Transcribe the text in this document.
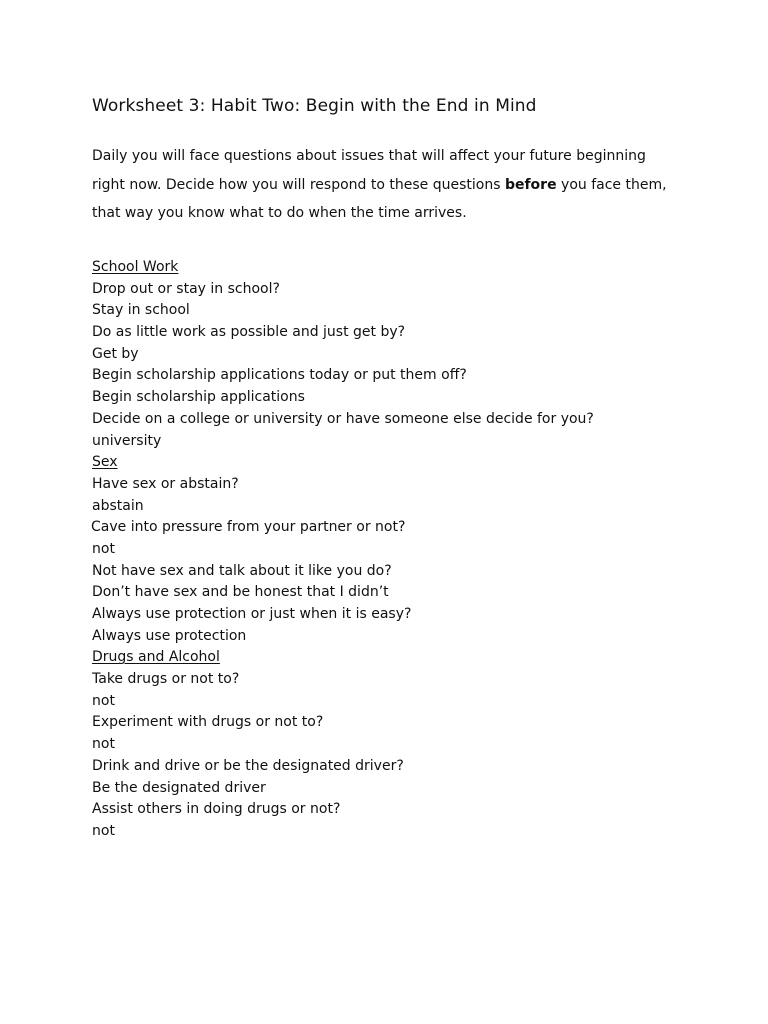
Worksheet 3: Habit Two: Begin with the End in Mind
Daily you will face questions about issues that will affect your future beginning
right now. Decide how you will respond to these questions before you face them,
that way you know what to do when the time arrives.
School Work
Drop out or stay in school?
Stay in school
Do as little work as possible and just get by?
Get by
Begin scholarship applications today or put them off?
Begin scholarship applications
Decide on a college or university or have someone else decide for you?
university
Sex
Have sex or abstain?
abstain
Cave into pressure from your partner or not?
not
Not have sex and talk about it like you do?
Don’t have sex and be honest that I didn’t
Always use protection or just when it is easy?
Always use protection
Drugs and Alcohol
Take drugs or not to?
not
Experiment with drugs or not to?
not
Drink and drive or be the designated driver?
Be the designated driver
Assist others in doing drugs or not?
not
